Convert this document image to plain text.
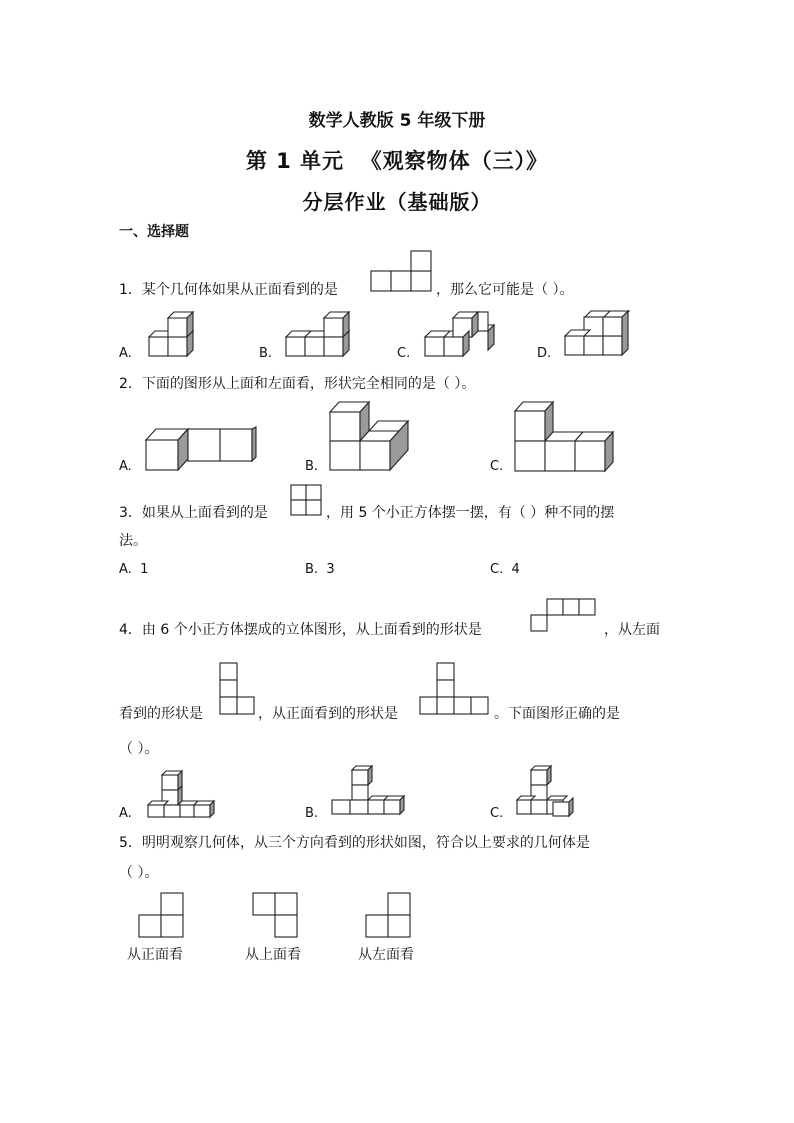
数学人教版 5 年级下册
第 1 单元  《观察物体（三）》
分层作业（基础版）
一、选择题
1．某个几何体如果从正面看到的是	，那么它可能是（ ）。
A.	B.	C.	D.
2．下面的图形从上面和左面看，形状完全相同的是（ ）。
A.	B.	C.
3．如果从上面看到的是	，用 5 个小正方体摆一摆，有（ ）种不同的摆
法。
A. 1	B. 3	C. 4
4．由 6 个小正方体摆成的立体图形，从上面看到的形状是	，从左面
看到的形状是	，从正面看到的形状是	。下面图形正确的是
（ ）。
A.	B.	C.
5．明明观察几何体，从三个方向看到的形状如图，符合以上要求的几何体是
（ ）。
从正面看	从上面看	从左面看
